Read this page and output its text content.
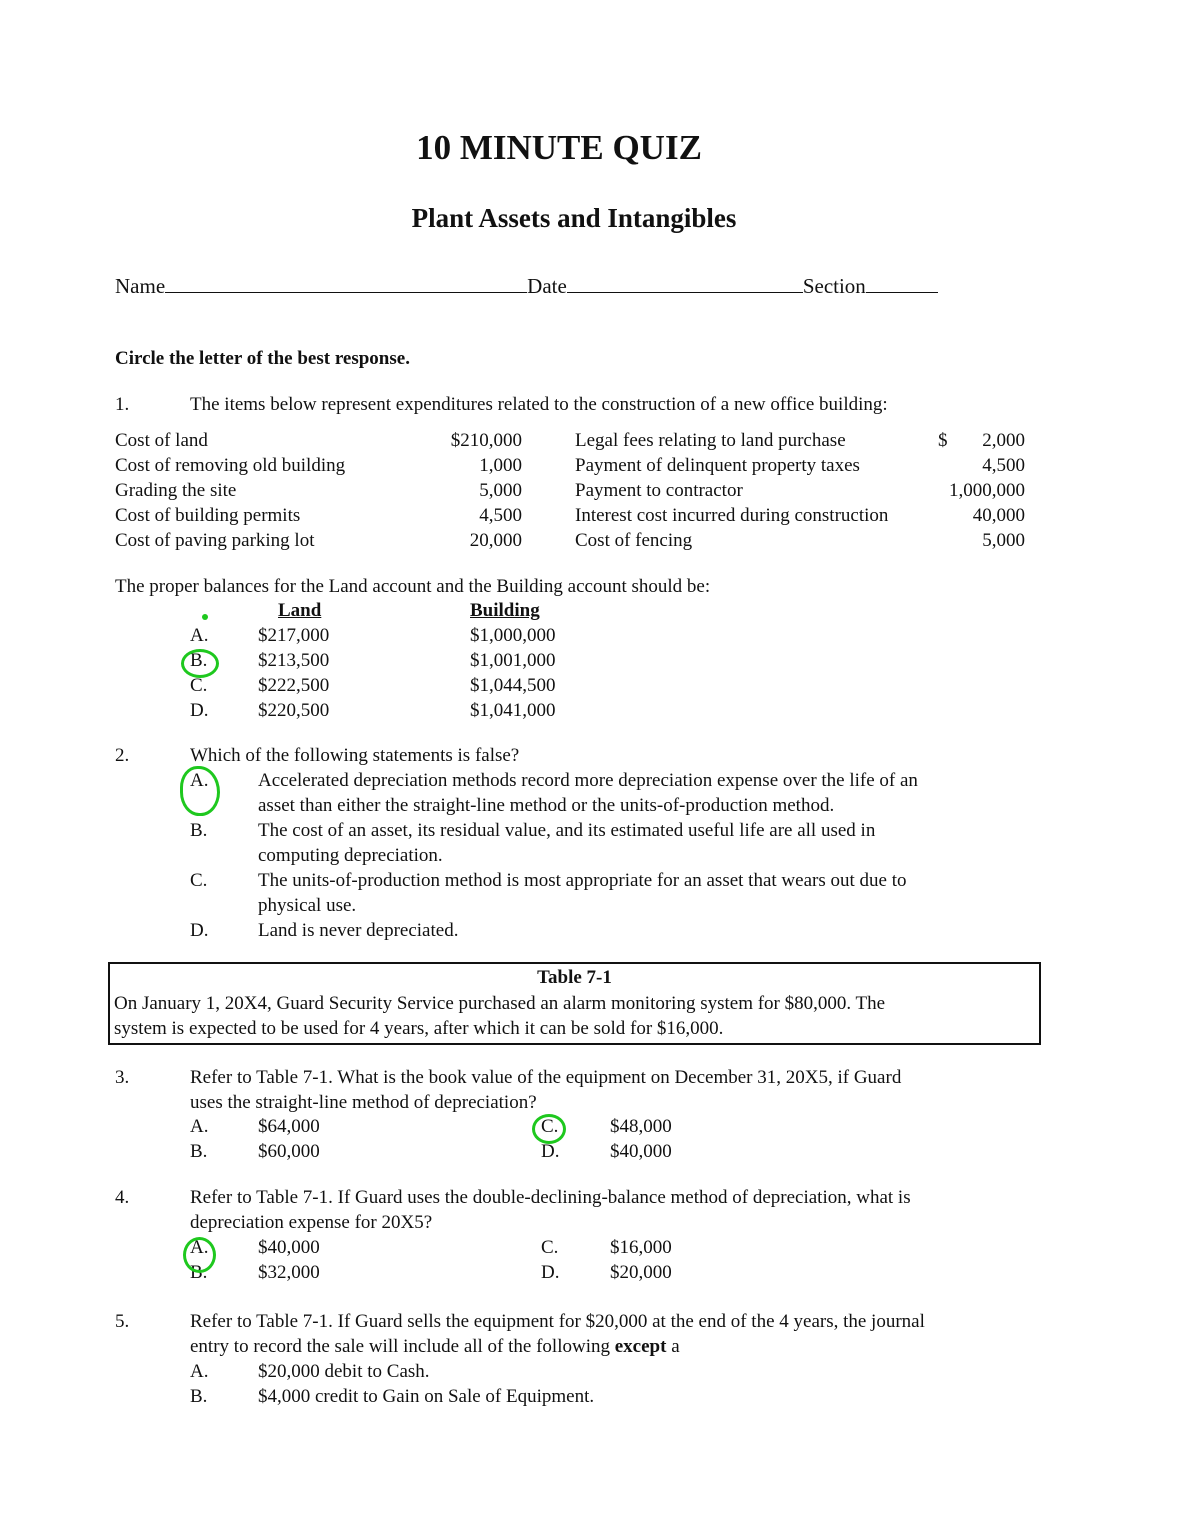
10 MINUTE QUIZ
Plant Assets and Intangibles
Name	Date	Section
Circle the letter of the best response.
1.	The items below represent expenditures related to the construction of a new office building:
Cost of land	$210,000
Cost of removing old building	1,000
Grading the site	5,000
Cost of building permits	4,500
Cost of paving parking lot	20,000
Legal fees relating to land purchase	$	2,000
Payment of delinquent property taxes	4,500
Payment to contractor	1,000,000
Interest cost incurred during construction	40,000
Cost of fencing	5,000
The proper balances for the Land account and the Building account should be:
Land	Building
A.	$217,000	$1,000,000
B.	$213,500	$1,001,000
C.	$222,500	$1,044,500
D.	$220,500	$1,041,000
2.	Which of the following statements is false?
A.	Accelerated depreciation methods record more depreciation expense over the life of an
asset than either the straight-line method or the units-of-production method.
B.	The cost of an asset, its residual value, and its estimated useful life are all used in
computing depreciation.
C.	The units-of-production method is most appropriate for an asset that wears out due to
physical use.
D.	Land is never depreciated.
Table 7-1
On January 1, 20X4, Guard Security Service purchased an alarm monitoring system for $80,000. The
system is expected to be used for 4 years, after which it can be sold for $16,000.
3.	Refer to Table 7-1. What is the book value of the equipment on December 31, 20X5, if Guard
uses the straight-line method of depreciation?
A.	$64,000	C.	$48,000
B.	$60,000	D.	$40,000
4.	Refer to Table 7-1. If Guard uses the double-declining-balance method of depreciation, what is
depreciation expense for 20X5?
A.	$40,000	C.	$16,000
B.	$32,000	D.	$20,000
5.	Refer to Table 7-1. If Guard sells the equipment for $20,000 at the end of the 4 years, the journal
entry to record the sale will include all of the following except a
A.	$20,000 debit to Cash.
B.	$4,000 credit to Gain on Sale of Equipment.
